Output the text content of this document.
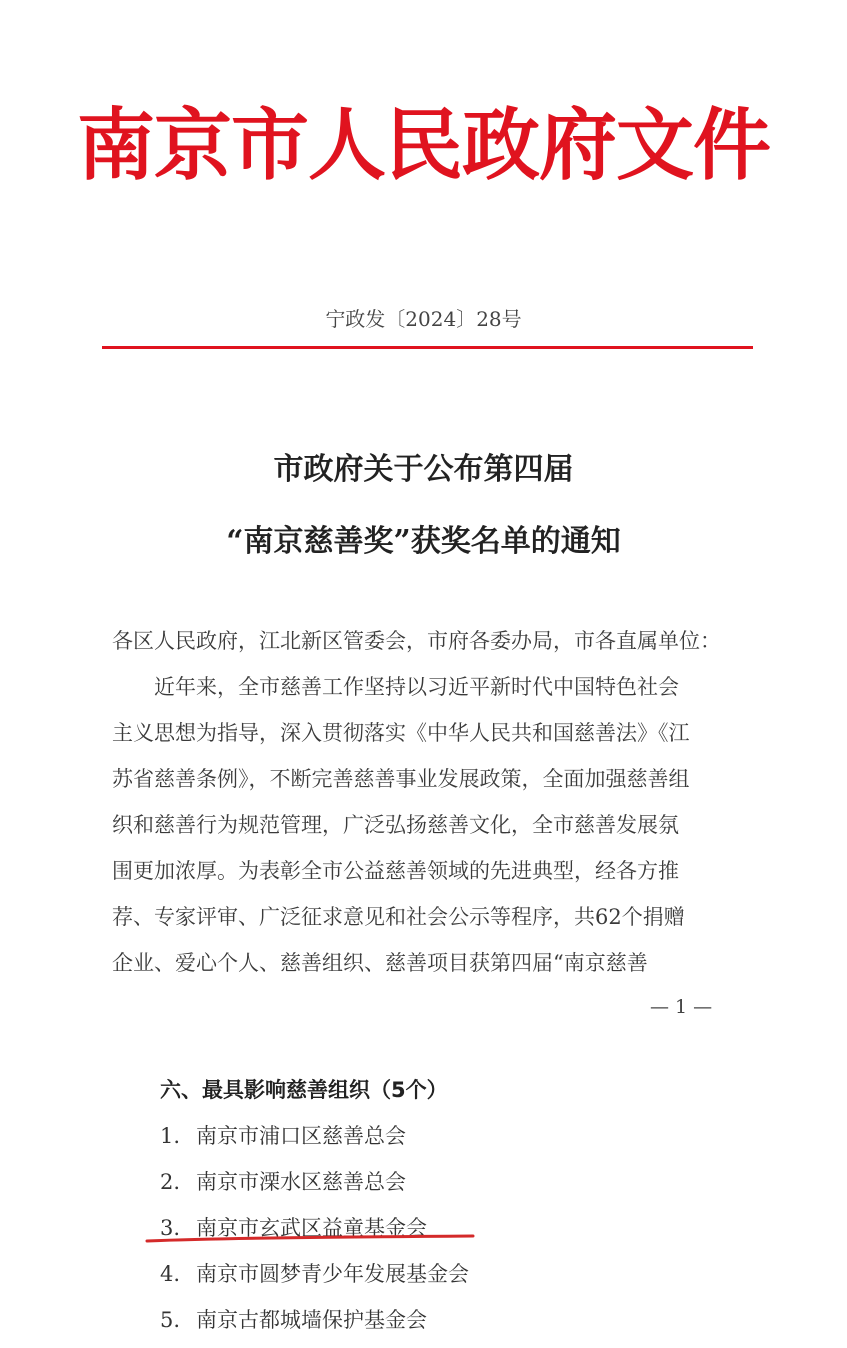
南京市人民政府文件
宁政发〔2024〕28号
市政府关于公布第四届
“南京慈善奖”获奖名单的通知
各区人民政府，江北新区管委会，市府各委办局，市各直属单位：
近年来，全市慈善工作坚持以习近平新时代中国特色社会
主义思想为指导，深入贯彻落实《中华人民共和国慈善法》《江
苏省慈善条例》，不断完善慈善事业发展政策，全面加强慈善组
织和慈善行为规范管理，广泛弘扬慈善文化，全市慈善发展氛
围更加浓厚。为表彰全市公益慈善领域的先进典型，经各方推
荐、专家评审、广泛征求意见和社会公示等程序，共62个捐赠
企业、爱心个人、慈善组织、慈善项目获第四届“南京慈善
— 1 —
六、最具影响慈善组织（5个）
1. 南京市浦口区慈善总会
2. 南京市溧水区慈善总会
3. 南京市玄武区益童基金会
4. 南京市圆梦青少年发展基金会
5. 南京古都城墙保护基金会
